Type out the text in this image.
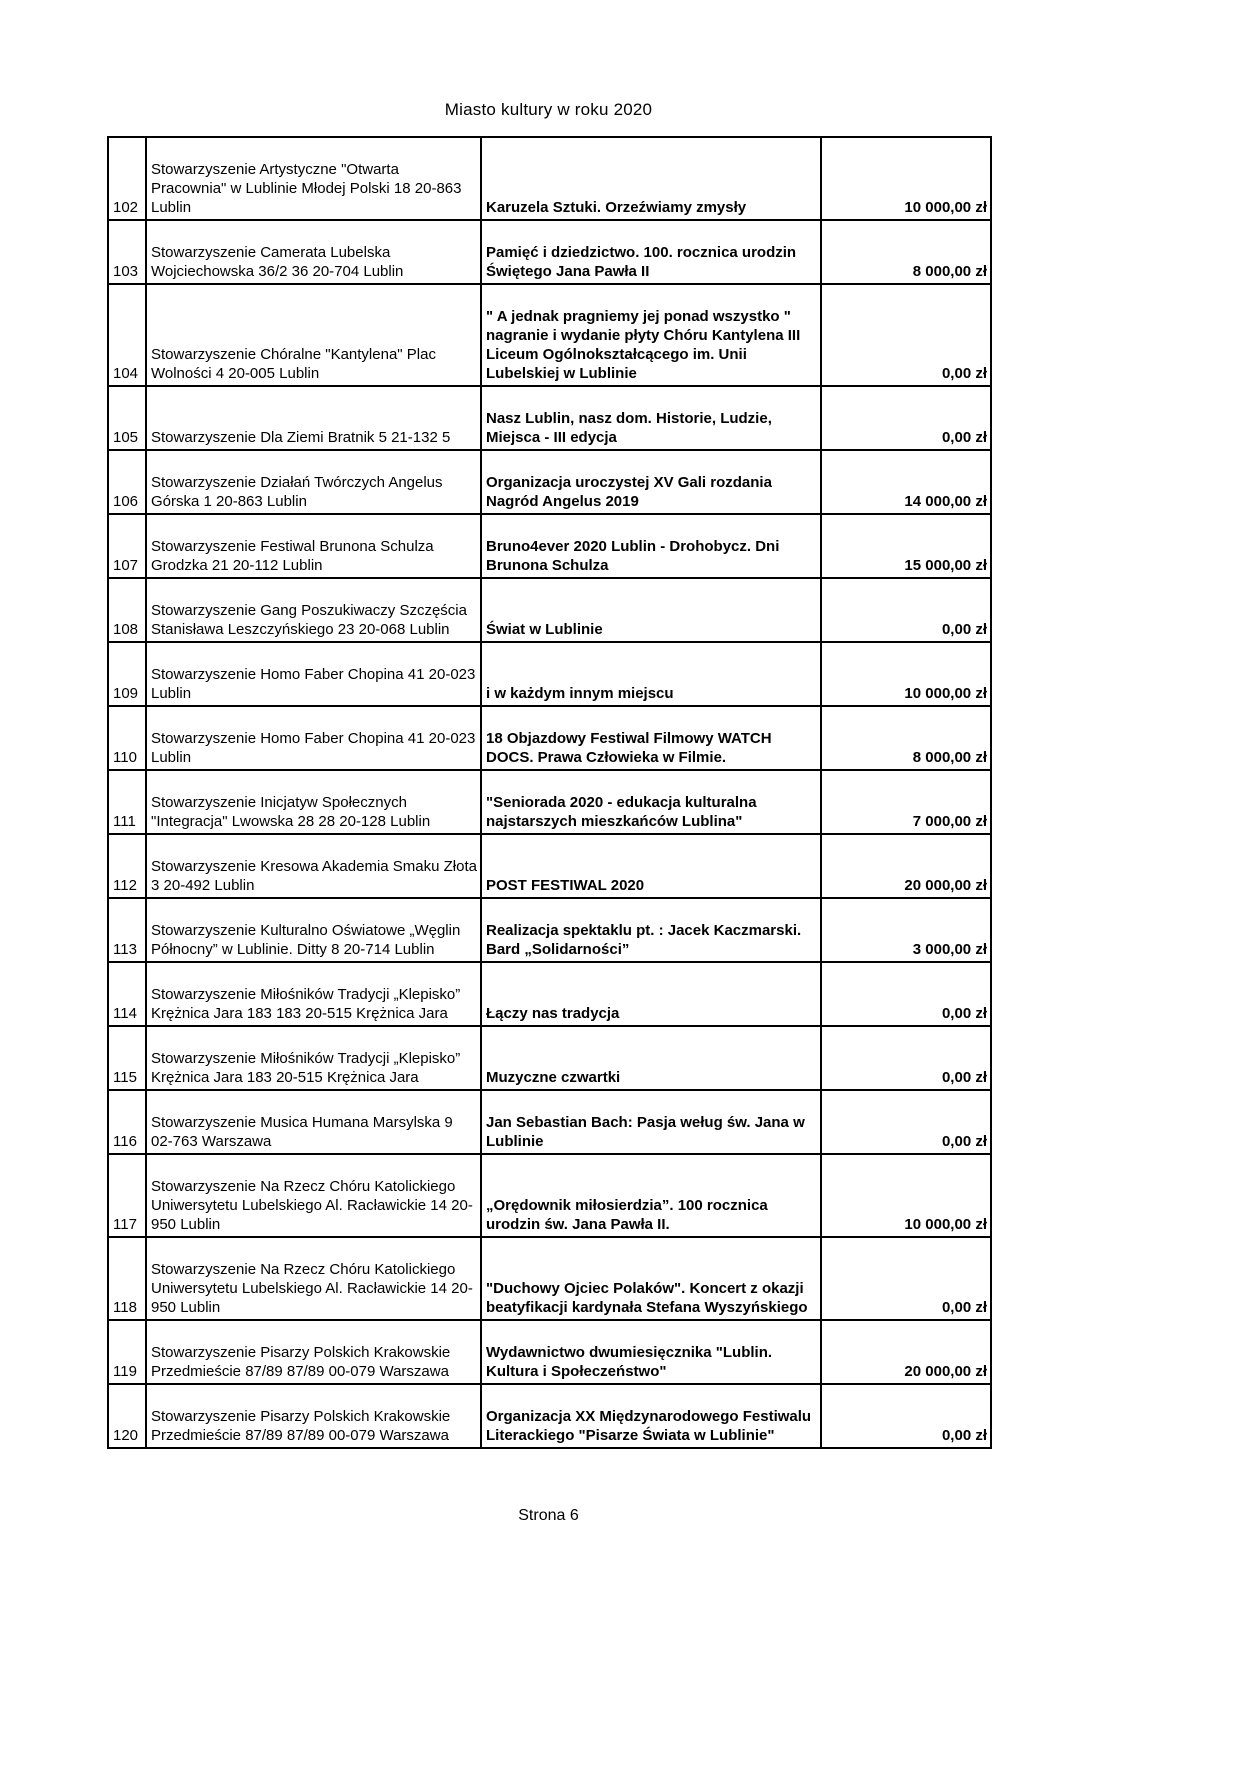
Miasto kultury w roku 2020
102	Stowarzyszenie Artystyczne "Otwarta Pracownia" w Lublinie Młodej Polski 18 20-863 Lublin	Karuzela Sztuki. Orzeźwiamy zmysły	10 000,00 zł
103	Stowarzyszenie Camerata Lubelska Wojciechowska 36/2 36 20-704 Lublin	Pamięć i dziedzictwo. 100. rocznica urodzin Świętego Jana Pawła II	8 000,00 zł
104	Stowarzyszenie Chóralne "Kantylena" Plac Wolności 4 20-005 Lublin	" A jednak pragniemy jej ponad wszystko " nagranie i wydanie płyty Chóru Kantylena III Liceum Ogólnokształcącego im. Unii Lubelskiej w Lublinie	0,00 zł
105	Stowarzyszenie Dla Ziemi Bratnik 5 21-132 5	Nasz Lublin, nasz dom. Historie, Ludzie, Miejsca - III edycja	0,00 zł
106	Stowarzyszenie Działań Twórczych Angelus Górska 1 20-863 Lublin	Organizacja uroczystej XV Gali rozdania Nagród Angelus 2019	14 000,00 zł
107	Stowarzyszenie Festiwal Brunona Schulza Grodzka 21 20-112 Lublin	Bruno4ever 2020 Lublin - Drohobycz. Dni Brunona Schulza	15 000,00 zł
108	Stowarzyszenie Gang Poszukiwaczy Szczęścia Stanisława Leszczyńskiego 23 20-068 Lublin	Świat w Lublinie	0,00 zł
109	Stowarzyszenie Homo Faber Chopina 41 20-023 Lublin	i w każdym innym miejscu	10 000,00 zł
110	Stowarzyszenie Homo Faber Chopina 41 20-023 Lublin	18 Objazdowy Festiwal Filmowy WATCH DOCS. Prawa Człowieka w Filmie.	8 000,00 zł
111	Stowarzyszenie Inicjatyw Społecznych "Integracja" Lwowska 28 28 20-128 Lublin	"Seniorada 2020 - edukacja kulturalna najstarszych mieszkańców Lublina"	7 000,00 zł
112	Stowarzyszenie Kresowa Akademia Smaku Złota 3 20-492 Lublin	POST FESTIWAL 2020	20 000,00 zł
113	Stowarzyszenie Kulturalno Oświatowe „Węglin Północny” w Lublinie. Ditty 8 20-714 Lublin	Realizacja spektaklu pt. : Jacek Kaczmarski. Bard „Solidarności”	3 000,00 zł
114	Stowarzyszenie Miłośników Tradycji „Klepisko” Krężnica Jara 183 183 20-515 Krężnica Jara	Łączy nas tradycja	0,00 zł
115	Stowarzyszenie Miłośników Tradycji „Klepisko” Krężnica Jara 183 20-515 Krężnica Jara	Muzyczne czwartki	0,00 zł
116	Stowarzyszenie Musica Humana Marsylska 9 02-763 Warszawa	Jan Sebastian Bach: Pasja weług św. Jana w Lublinie	0,00 zł
117	Stowarzyszenie Na Rzecz Chóru Katolickiego Uniwersytetu Lubelskiego Al. Racławickie 14 20-950 Lublin	„Orędownik miłosierdzia”. 100 rocznica urodzin św. Jana Pawła II.	10 000,00 zł
118	Stowarzyszenie Na Rzecz Chóru Katolickiego Uniwersytetu Lubelskiego Al. Racławickie 14 20-950 Lublin	"Duchowy Ojciec Polaków". Koncert z okazji beatyfikacji kardynała Stefana Wyszyńskiego	0,00 zł
119	Stowarzyszenie Pisarzy Polskich Krakowskie Przedmieście 87/89 87/89 00-079 Warszawa	Wydawnictwo dwumiesięcznika "Lublin. Kultura i Społeczeństwo"	20 000,00 zł
120	Stowarzyszenie Pisarzy Polskich Krakowskie Przedmieście 87/89 87/89 00-079 Warszawa	Organizacja XX Międzynarodowego Festiwalu Literackiego "Pisarze Świata w Lublinie"	0,00 zł
Strona 6
